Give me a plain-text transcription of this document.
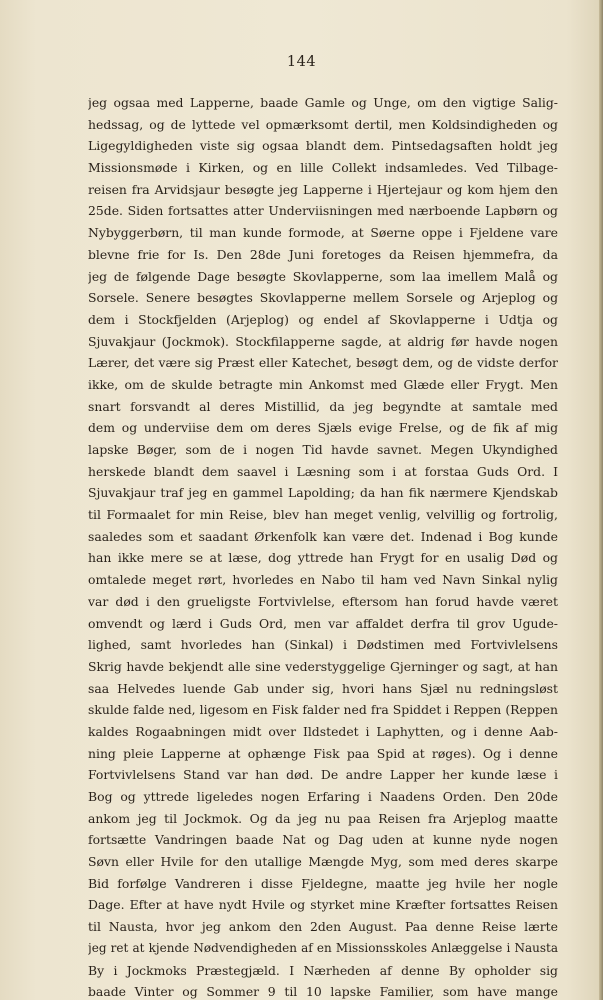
144
jeg ogsaa med Lapperne, baade Gamle og Unge, om den vigtige Salig-
hedssag, og de lyttede vel opmærksomt dertil, men Koldsindigheden og
Ligegyldigheden viste sig ogsaa blandt dem. Pintsedagsaften holdt jeg
Missionsmøde i Kirken, og en lille Collekt indsamledes. Ved Tilbage-
reisen fra Arvidsjaur besøgte jeg Lapperne i Hjertejaur og kom hjem den
25de. Siden fortsattes atter Underviisningen med nærboende Lapbørn og
Nybyggerbørn, til man kunde formode, at Søerne oppe i Fjeldene vare
blevne frie for Is. Den 28de Juni foretoges da Reisen hjemmefra, da
jeg de følgende Dage besøgte Skovlapperne, som laa imellem Malå og
Sorsele. Senere besøgtes Skovlapperne mellem Sorsele og Arjeplog og
dem i Stockfjelden (Arjeplog) og endel af Skovlapperne i Udtja og
Sjuvakjaur (Jockmok). Stockfilapperne sagde, at aldrig før havde nogen
Lærer, det være sig Præst eller Katechet, besøgt dem, og de vidste derfor
ikke, om de skulde betragte min Ankomst med Glæde eller Frygt. Men
snart forsvandt al deres Mistillid, da jeg begyndte at samtale med
dem og underviise dem om deres Sjæls evige Frelse, og de fik af mig
lapske Bøger, som de i nogen Tid havde savnet. Megen Ukyndighed
herskede blandt dem saavel i Læsning som i at forstaa Guds Ord. I
Sjuvakjaur traf jeg en gammel Lapolding; da han fik nærmere Kjendskab
til Formaalet for min Reise, blev han meget venlig, velvillig og fortrolig,
saaledes som et saadant Ørkenfolk kan være det. Indenad i Bog kunde
han ikke mere se at læse, dog yttrede han Frygt for en usalig Død og
omtalede meget rørt, hvorledes en Nabo til ham ved Navn Sinkal nylig
var død i den grueligste Fortvivlelse, eftersom han forud havde været
omvendt og lærd i Guds Ord, men var affaldet derfra til grov Ugude-
lighed, samt hvorledes han (Sinkal) i Dødstimen med Fortvivlelsens
Skrig havde bekjendt alle sine vederstyggelige Gjerninger og sagt, at han
saa Helvedes luende Gab under sig, hvori hans Sjæl nu redningsløst
skulde falde ned, ligesom en Fisk falder ned fra Spiddet i Reppen (Reppen
kaldes Rogaabningen midt over Ildstedet i Laphytten, og i denne Aab-
ning pleie Lapperne at ophænge Fisk paa Spid at røges). Og i denne
Fortvivlelsens Stand var han død. De andre Lapper her kunde læse i
Bog og yttrede ligeledes nogen Erfaring i Naadens Orden. Den 20de
ankom jeg til Jockmok. Og da jeg nu paa Reisen fra Arjeplog maatte
fortsætte Vandringen baade Nat og Dag uden at kunne nyde nogen
Søvn eller Hvile for den utallige Mængde Myg, som med deres skarpe
Bid forfølge Vandreren i disse Fjeldegne, maatte jeg hvile her nogle
Dage. Efter at have nydt Hvile og styrket mine Kræfter fortsattes Reisen
til Nausta, hvor jeg ankom den 2den August. Paa denne Reise lærte
jeg ret at kjende Nødvendigheden af en Missionsskoles Anlæggelse i Nausta
By i Jockmoks Præstegjæld. I Nærheden af denne By opholder sig
baade Vinter og Sommer 9 til 10 lapske Familier, som have mange
